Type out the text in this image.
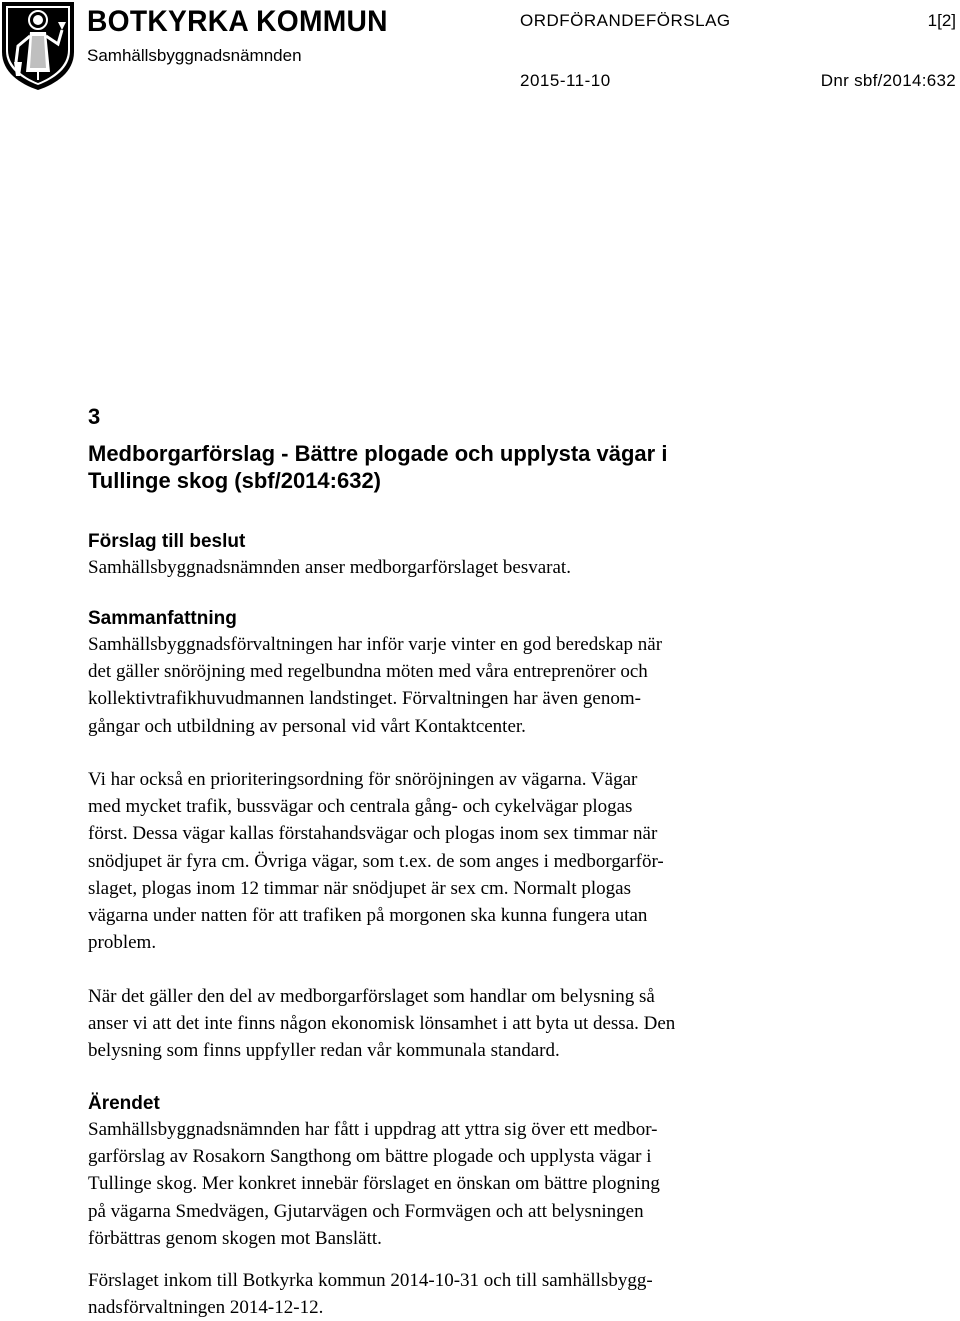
BOTKYRKA KOMMUN
Samhällsbyggnadsnämnden
ORDFÖRANDEFÖRSLAG	1[2]
2015-11-10	Dnr sbf/2014:632
3
Medborgarförslag - Bättre plogade och upplysta vägar i
Tullinge skog (sbf/2014:632)
Förslag till beslut

Samhällsbyggnadsnämnden anser medborgarförslaget besvarat.

Sammanfattning

Samhällsbyggnadsförvaltningen har inför varje vinter en god beredskap när
det gäller snöröjning med regelbundna möten med våra entreprenörer och
kollektivtrafikhuvudmannen landstinget. Förvaltningen har även genom-
gångar och utbildning av personal vid vårt Kontaktcenter.

Vi har också en prioriteringsordning för snöröjningen av vägarna. Vägar
med mycket trafik, bussvägar och centrala gång- och cykelvägar plogas
först. Dessa vägar kallas förstahandsvägar och plogas inom sex timmar när
snödjupet är fyra cm. Övriga vägar, som t.ex. de som anges i medborgarför-
slaget, plogas inom 12 timmar när snödjupet är sex cm. Normalt plogas
vägarna under natten för att trafiken på morgonen ska kunna fungera utan
problem.

När det gäller den del av medborgarförslaget som handlar om belysning så
anser vi att det inte finns någon ekonomisk lönsamhet i att byta ut dessa. Den
belysning som finns uppfyller redan vår kommunala standard.

Ärendet

Samhällsbyggnadsnämnden har fått i uppdrag att yttra sig över ett medbor-
garförslag av Rosakorn Sangthong om bättre plogade och upplysta vägar i
Tullinge skog. Mer konkret innebär förslaget en önskan om bättre plogning
på vägarna Smedvägen, Gjutarvägen och Formvägen och att belysningen
förbättras genom skogen mot Banslätt.

Förslaget inkom till Botkyrka kommun 2014-10-31 och till samhällsbygg-
nadsförvaltningen 2014-12-12.
